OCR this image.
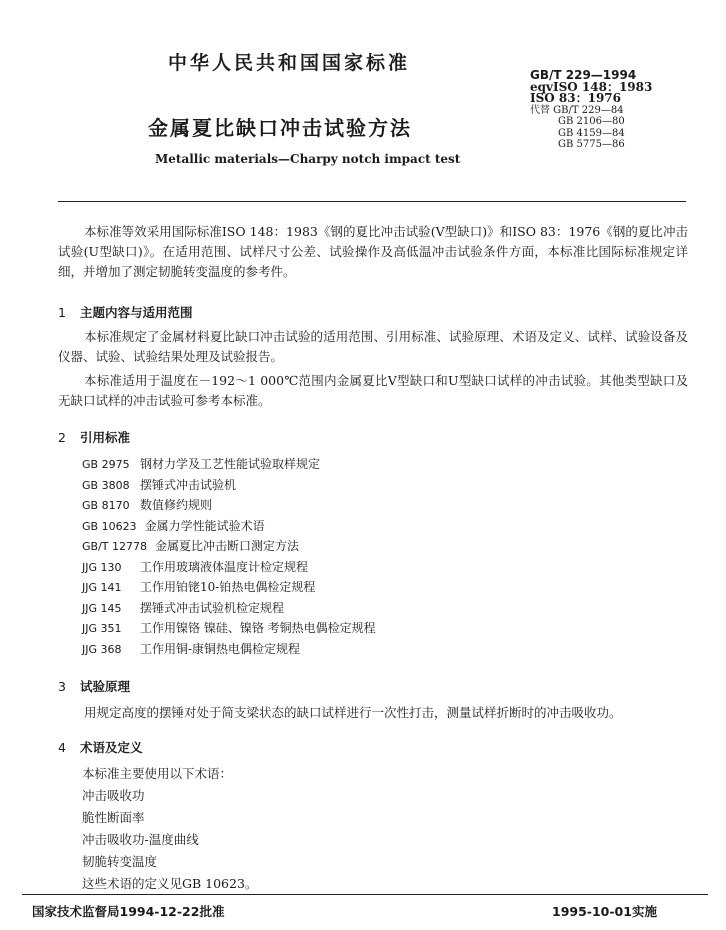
中华人民共和国国家标准
GB/T 229—1994
eqvISO 148：1983
ISO 83：1976
代替 GB/T 229—84
GB 2106—80
GB 4159—84
GB 5775—86
金属夏比缺口冲击试验方法
Metallic materials—Charpy notch impact test
本标准等效采用国际标准ISO 148：1983《钢的夏比冲击试验(V型缺口)》和ISO 83：1976《钢的夏比冲击试验(U型缺口)》。在适用范围、试样尺寸公差、试验操作及高低温冲击试验条件方面，本标准比国际标准规定详细，并增加了测定韧脆转变温度的参考件。
1 主题内容与适用范围
本标准规定了金属材料夏比缺口冲击试验的适用范围、引用标准、试验原理、术语及定义、试样、试验设备及仪器、试验、试验结果处理及试验报告。
本标准适用于温度在－192～1 000℃范围内金属夏比V型缺口和U型缺口试样的冲击试验。其他类型缺口及无缺口试样的冲击试验可参考本标准。
2 引用标准
GB 2975 钢材力学及工艺性能试验取样规定
GB 3808 摆锤式冲击试验机
GB 8170 数值修约规则
GB 10623 金属力学性能试验术语
GB/T 12778 金属夏比冲击断口测定方法
JJG 130 工作用玻璃液体温度计检定规程
JJG 141 工作用铂铑10-铂热电偶检定规程
JJG 145 摆锤式冲击试验机检定规程
JJG 351 工作用镍铬 镍硅、镍铬 考铜热电偶检定规程
JJG 368 工作用铜-康铜热电偶检定规程
3 试验原理
用规定高度的摆锤对处于简支梁状态的缺口试样进行一次性打击，测量试样折断时的冲击吸收功。
4 术语及定义
本标准主要使用以下术语：
冲击吸收功
脆性断面率
冲击吸收功-温度曲线
韧脆转变温度
这些术语的定义见GB 10623。
国家技术监督局1994-12-22批准	1995-10-01实施
